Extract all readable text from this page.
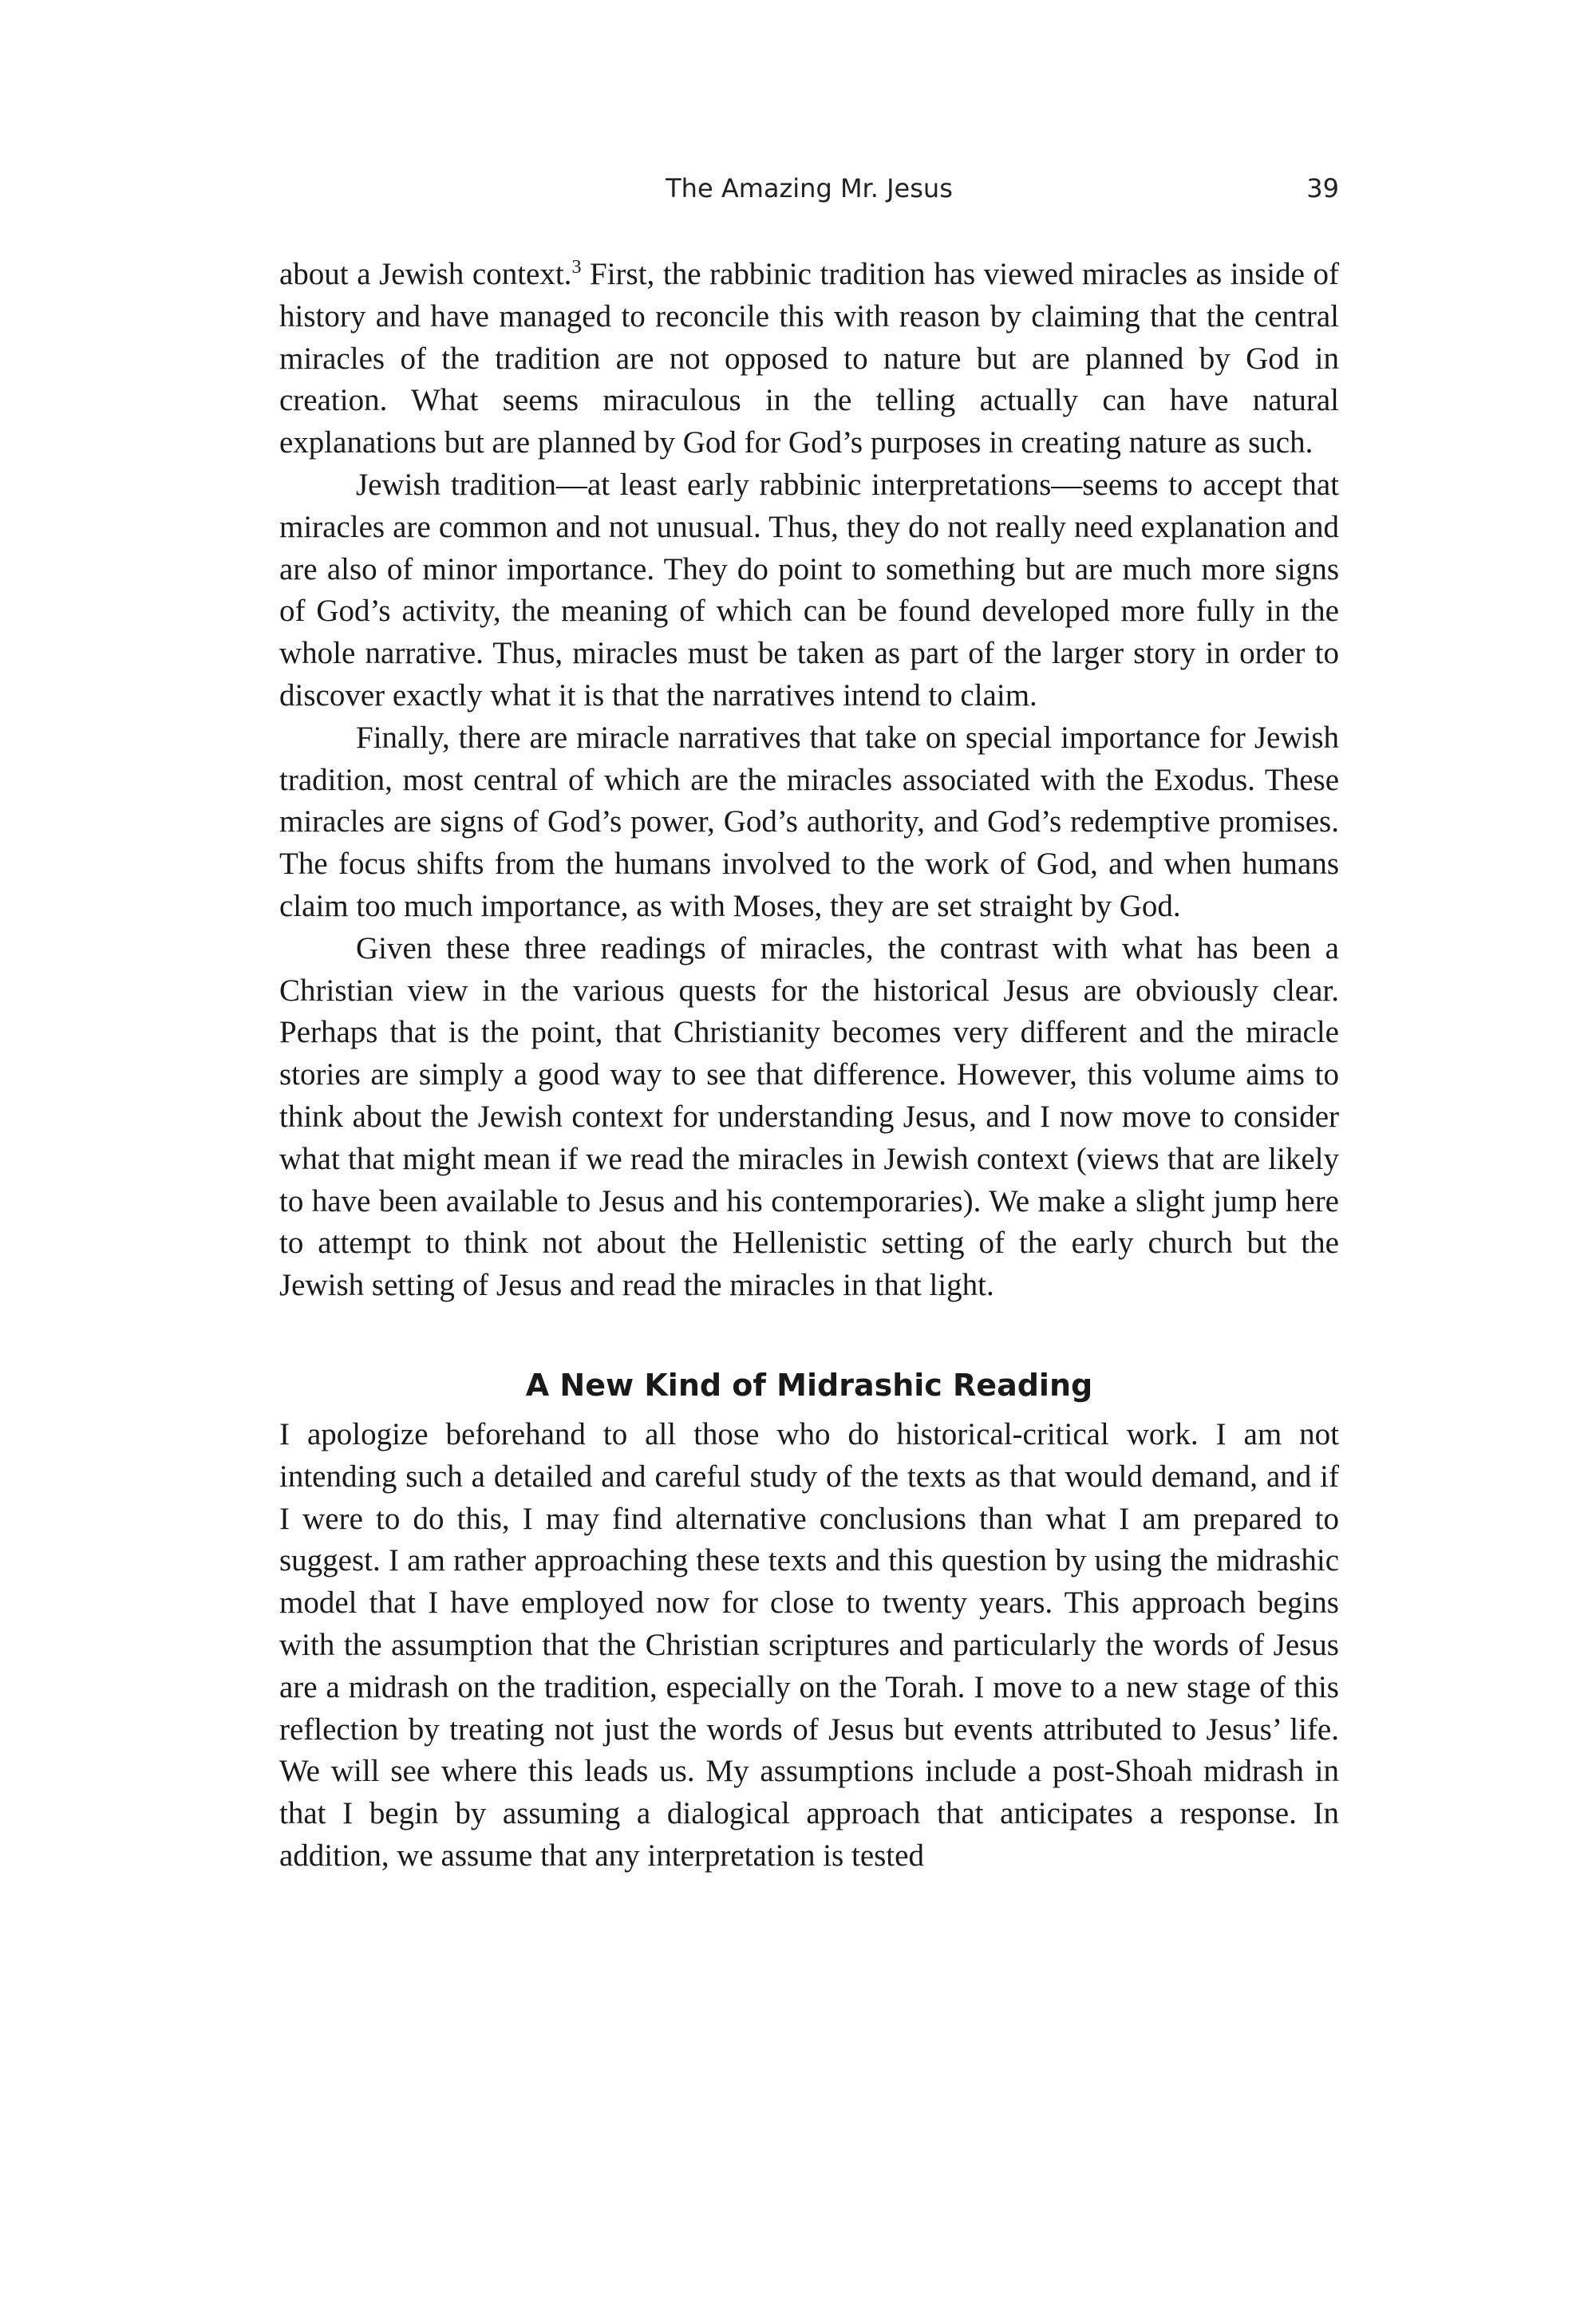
The Amazing Mr. Jesus	39

about a Jewish context.$^3$ First, the rabbinic tradition has viewed miracles as inside of history and have managed to reconcile this with reason by claiming that the central miracles of the tradition are not opposed to nature but are planned by God in creation. What seems miraculous in the telling actually can have natural explanations but are planned by God for God’s purposes in creating nature as such.

Jewish tradition—at least early rabbinic interpretations—seems to accept that miracles are common and not unusual. Thus, they do not really need explanation and are also of minor importance. They do point to something but are much more signs of God’s activity, the meaning of which can be found developed more fully in the whole narrative. Thus, miracles must be taken as part of the larger story in order to discover exactly what it is that the narratives intend to claim.

Finally, there are miracle narratives that take on special importance for Jewish tradition, most central of which are the miracles associated with the Exodus. These miracles are signs of God’s power, God’s authority, and God’s redemptive promises. The focus shifts from the humans involved to the work of God, and when humans claim too much importance, as with Moses, they are set straight by God.

Given these three readings of miracles, the contrast with what has been a Christian view in the various quests for the historical Jesus are obviously clear. Perhaps that is the point, that Christianity becomes very different and the miracle stories are simply a good way to see that difference. However, this volume aims to think about the Jewish context for understanding Jesus, and I now move to consider what that might mean if we read the miracles in Jewish context (views that are likely to have been available to Jesus and his contemporaries). We make a slight jump here to attempt to think not about the Hellenistic setting of the early church but the Jewish setting of Jesus and read the miracles in that light.

A New Kind of Midrashic Reading

I apologize beforehand to all those who do historical-critical work. I am not intending such a detailed and careful study of the texts as that would demand, and if I were to do this, I may find alternative conclusions than what I am prepared to suggest. I am rather approaching these texts and this question by using the midrashic model that I have employed now for close to twenty years. This approach begins with the assumption that the Christian scriptures and particularly the words of Jesus are a midrash on the tradition, especially on the Torah. I move to a new stage of this reflection by treating not just the words of Jesus but events attributed to Jesus’ life. We will see where this leads us. My assumptions include a post-Shoah midrash in that I begin by assuming a dialogical approach that anticipates a response. In addition, we assume that any interpretation is tested
